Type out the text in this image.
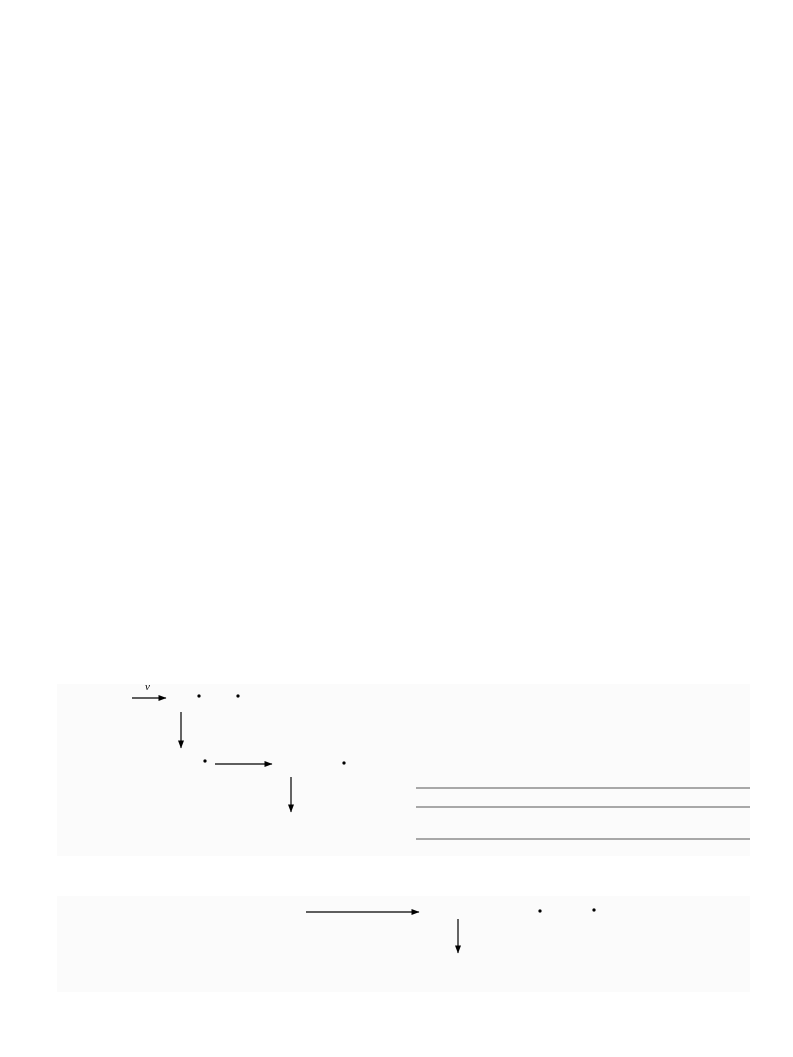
ν
